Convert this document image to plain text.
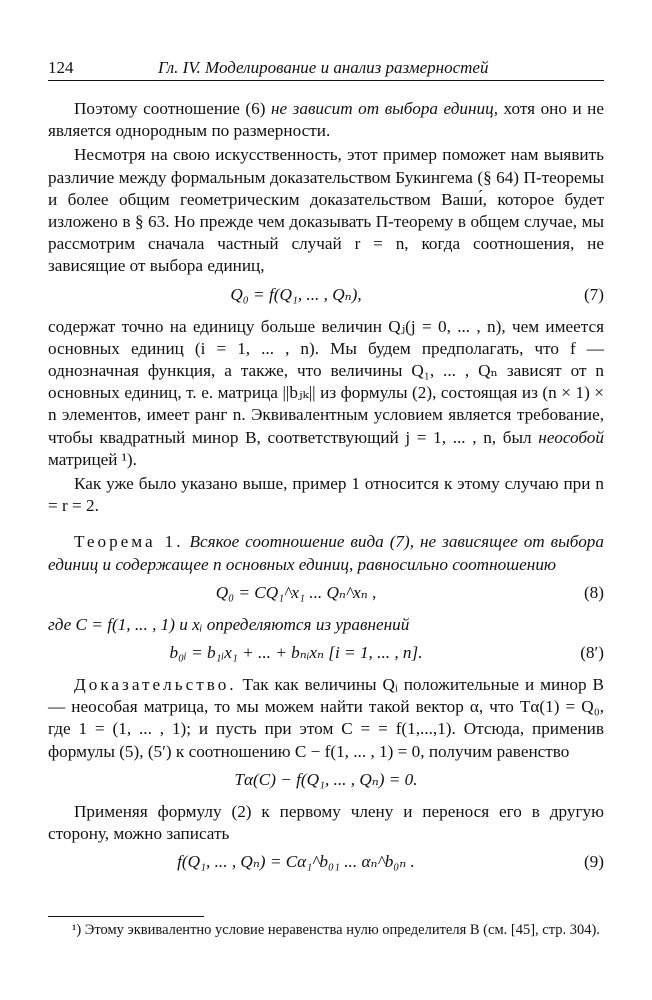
124	Гл. IV. Моделирование и анализ размерностей

Поэтому соотношение (6) не зависит от выбора единиц, хотя оно и не является однородным по размерности.

Несмотря на свою искусственность, этот пример поможет нам выявить различие между формальным доказательством Букингема (§ 64) П-теоремы и более общим геометрическим доказательством Ваши́, которое будет изложено в § 63. Но прежде чем доказывать П-теорему в общем случае, мы рассмотрим сначала частный случай r = n, когда соотношения, не зависящие от выбора единиц,

Q₀ = f(Q₁, ... , Qₙ),	(7)

содержат точно на единицу больше величин Qⱼ(j = 0, ... , n), чем имеется основных единиц (i = 1, ... , n). Мы будем предполагать, что f — однозначная функция, а также, что величины Q₁, ... , Qₙ зависят от n основных единиц, т. е. матрица ||bⱼₖ|| из формулы (2), состоящая из (n × 1) × n элементов, имеет ранг n. Эквивалентным условием является требование, чтобы квадратный минор B, соответствующий j = 1, ... , n, был неособой матрицей ¹).

Как уже было указано выше, пример 1 относится к этому случаю при n = r = 2.

Теорема 1. Всякое соотношение вида (7), не зависящее от выбора единиц и содержащее n основных единиц, равносильно соотношению

Q₀ = CQ₁^x₁ ... Qₙ^xₙ ,	(8)

где C = f(1, ... , 1) и xᵢ определяются из уравнений

b₀ᵢ = b₁ᵢx₁ + ... + bₙᵢxₙ [i = 1, ... , n].	(8′)

Доказательство. Так как величины Qᵢ положительные и минор B — неособая матрица, то мы можем найти такой вектор α, что Tα(1) = Q₀, где 1 = (1, ... , 1); и пусть при этом C = = f(1,...,1). Отсюда, применив формулы (5), (5′) к соотношению C − f(1, ... , 1) = 0, получим равенство

Tα(C) − f(Q₁, ... , Qₙ) = 0.

Применяя формулу (2) к первому члену и перенося его в другую сторону, можно записать

f(Q₁, ... , Qₙ) = Cα₁^b₀₁ ... αₙ^b₀ₙ .	(9)
¹) Этому эквивалентно условие неравенства нулю определителя B (см. [45], стр. 304).
